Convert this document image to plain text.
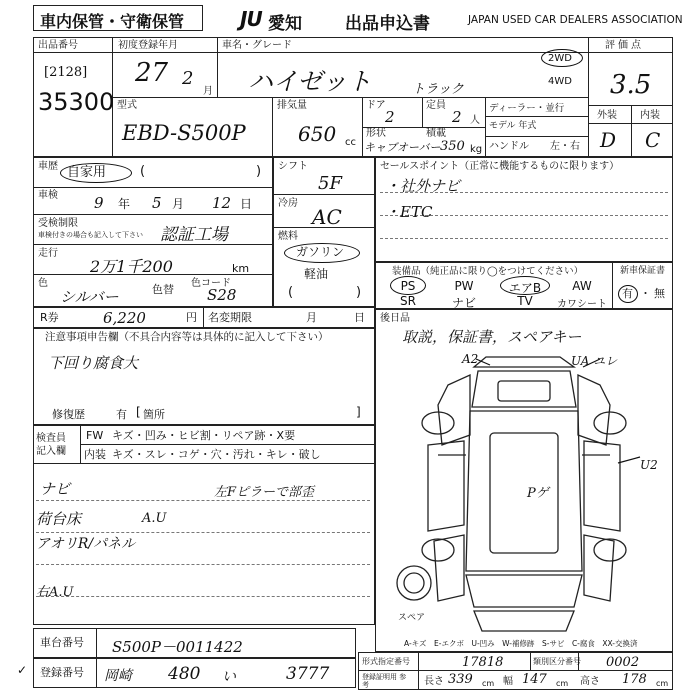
車内保管・守衛保管	JU 愛知	出品申込書	JAPAN USED CAR DEALERS ASSOCIATION
出品番号
[2128]
35300
初度登録年月
27 2
月
車名・グレード
ハイゼット	トラック
2WD
4WD
評価点
3.5
外装 内装
D C
型式
EBD-S500P
排気量
650 cc
ドア
2
定員
2 人
形状
キャブオーバー
積載
350 kg
ディーラー・並行
モデル 年式
ハンドル 左・右
車歴 自家用	(	)
車検 9 年 5 月 12 日
受検制限
車検付きの場合も記入して下さい 認証工場
走行
2万1千200	km
色
シルバー	色替 色コード
S28
シフト
5F
冷房
AC
燃料
ガソリン
軽油
(	)
セールスポイント（正常に機能するものに限ります）
・社外ナビ
・ETC
装備品（純正品に限り◯をつけてください）
PS	PW	エアB	AW
SR	ナビ	TV	カワシート
新車保証書
有 ・ 無
R券	6,220	円 名変期限	月	日
注意事項申告欄（不具合内容等は具体的に記入して下さい）
下回り腐食大
修復歴	有 [ 箇所	]
後日品
取説，保証書，スペアキー
A2	UA ユレ
U2
Pゲ
スペア
A-キズ　E-エクボ　U-凹み　W-補修跡　S-サビ　C-腐食　XX-交換済
検査員
記入欄
FW キズ・凹み・ヒビ割・リペア跡・X要
内装 キズ・スレ・コゲ・穴・汚れ・キレ・破し
ナビ
荷台床
アオリR/パネル
A.U
右A.U
左Fピラーで部歪
車台番号 S500P－0011422
✓ 登録番号 岡崎 480 い	3777
形式指定番号	17818	類別区分番号 0002
登録証明用 参考	長さ 339 cm 幅 147 cm 高さ 178 cm
